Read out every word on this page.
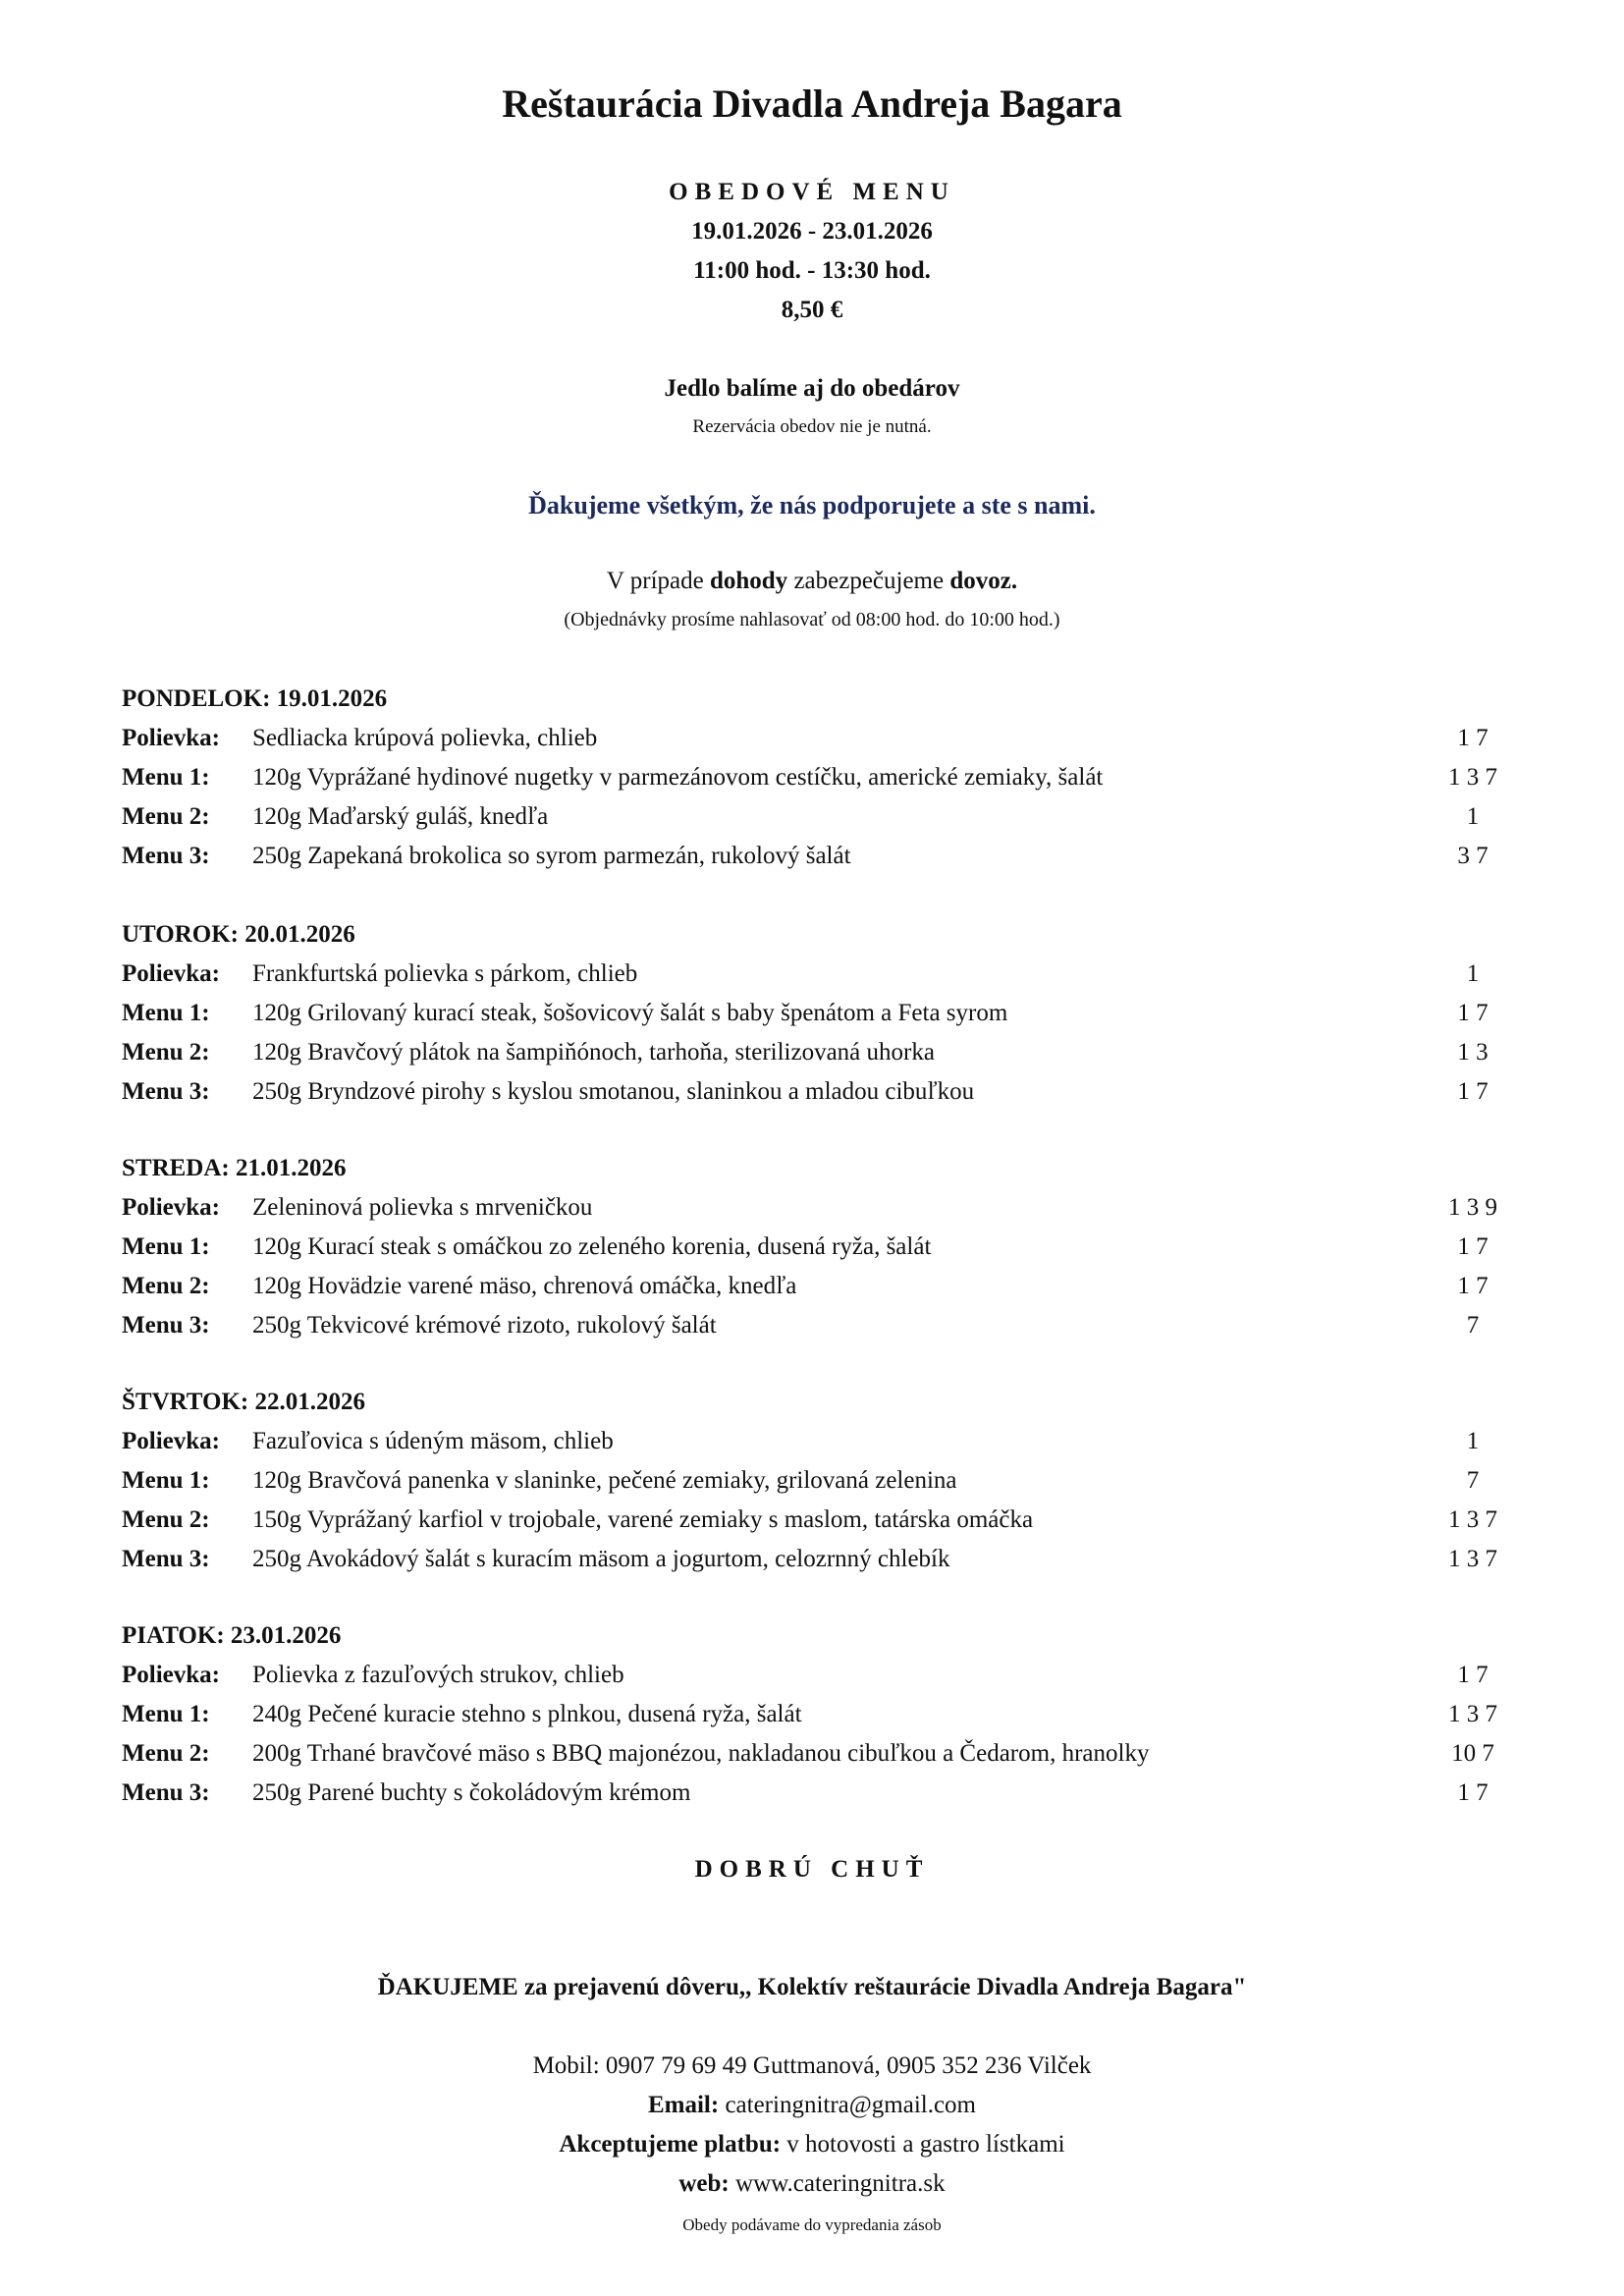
Reštaurácia Divadla Andreja Bagara
OBEDOVÉ MENU
19.01.2026 - 23.01.2026
11:00 hod. - 13:30 hod.
8,50 €
Jedlo balíme aj do obedárov
Rezervácia obedov nie je nutná.
Ďakujeme všetkým, že nás podporujete a ste s nami.
V prípade dohody zabezpečujeme dovoz.
(Objednávky prosíme nahlasovať od 08:00 hod. do 10:00 hod.)
PONDELOK: 19.01.2026
Polievka: Sedliacka krúpová polievka, chlieb	1 7
Menu 1: 120g Vyprážané hydinové nugetky v parmezánovom cestíčku, americké zemiaky, šalát	1 3 7
Menu 2: 120g Maďarský guláš, knedľa	1
Menu 3: 250g Zapekaná brokolica so syrom parmezán, rukolový šalát	3 7
UTOROK: 20.01.2026
Polievka: Frankfurtská polievka s párkom, chlieb	1
Menu 1: 120g Grilovaný kurací steak, šošovicový šalát s baby špenátom a Feta syrom	1 7
Menu 2: 120g Bravčový plátok na šampiňónoch, tarhoňa, sterilizovaná uhorka	1 3
Menu 3: 250g Bryndzové pirohy s kyslou smotanou, slaninkou a mladou cibuľkou	1 7
STREDA: 21.01.2026
Polievka: Zeleninová polievka s mrveničkou	1 3 9
Menu 1: 120g Kurací steak s omáčkou zo zeleného korenia, dusená ryža, šalát	1 7
Menu 2: 120g Hovädzie varené mäso, chrenová omáčka, knedľa	1 7
Menu 3: 250g Tekvicové krémové rizoto, rukolový šalát	7
ŠTVRTOK: 22.01.2026
Polievka: Fazuľovica s údeným mäsom, chlieb	1
Menu 1: 120g Bravčová panenka v slaninke, pečené zemiaky, grilovaná zelenina	7
Menu 2: 150g Vyprážaný karfiol v trojobale, varené zemiaky s maslom, tatárska omáčka	1 3 7
Menu 3: 250g Avokádový šalát s kuracím mäsom a jogurtom, celozrnný chlebík	1 3 7
PIATOK: 23.01.2026
Polievka: Polievka z fazuľových strukov, chlieb	1 7
Menu 1: 240g Pečené kuracie stehno s plnkou, dusená ryža, šalát	1 3 7
Menu 2: 200g Trhané bravčové mäso s BBQ majonézou, nakladanou cibuľkou a Čedarom, hranolky	10 7
Menu 3: 250g Parené buchty s čokoládovým krémom	1 7
DOBRÚ CHUŤ
ĎAKUJEME za prejavenú dôveru,, Kolektív reštaurácie Divadla Andreja Bagara"
Mobil: 0907 79 69 49 Guttmanová, 0905 352 236 Vilček
Email: cateringnitra@gmail.com
Akceptujeme platbu: v hotovosti a gastro lístkami
web: www.cateringnitra.sk
Obedy podávame do vypredania zásob
